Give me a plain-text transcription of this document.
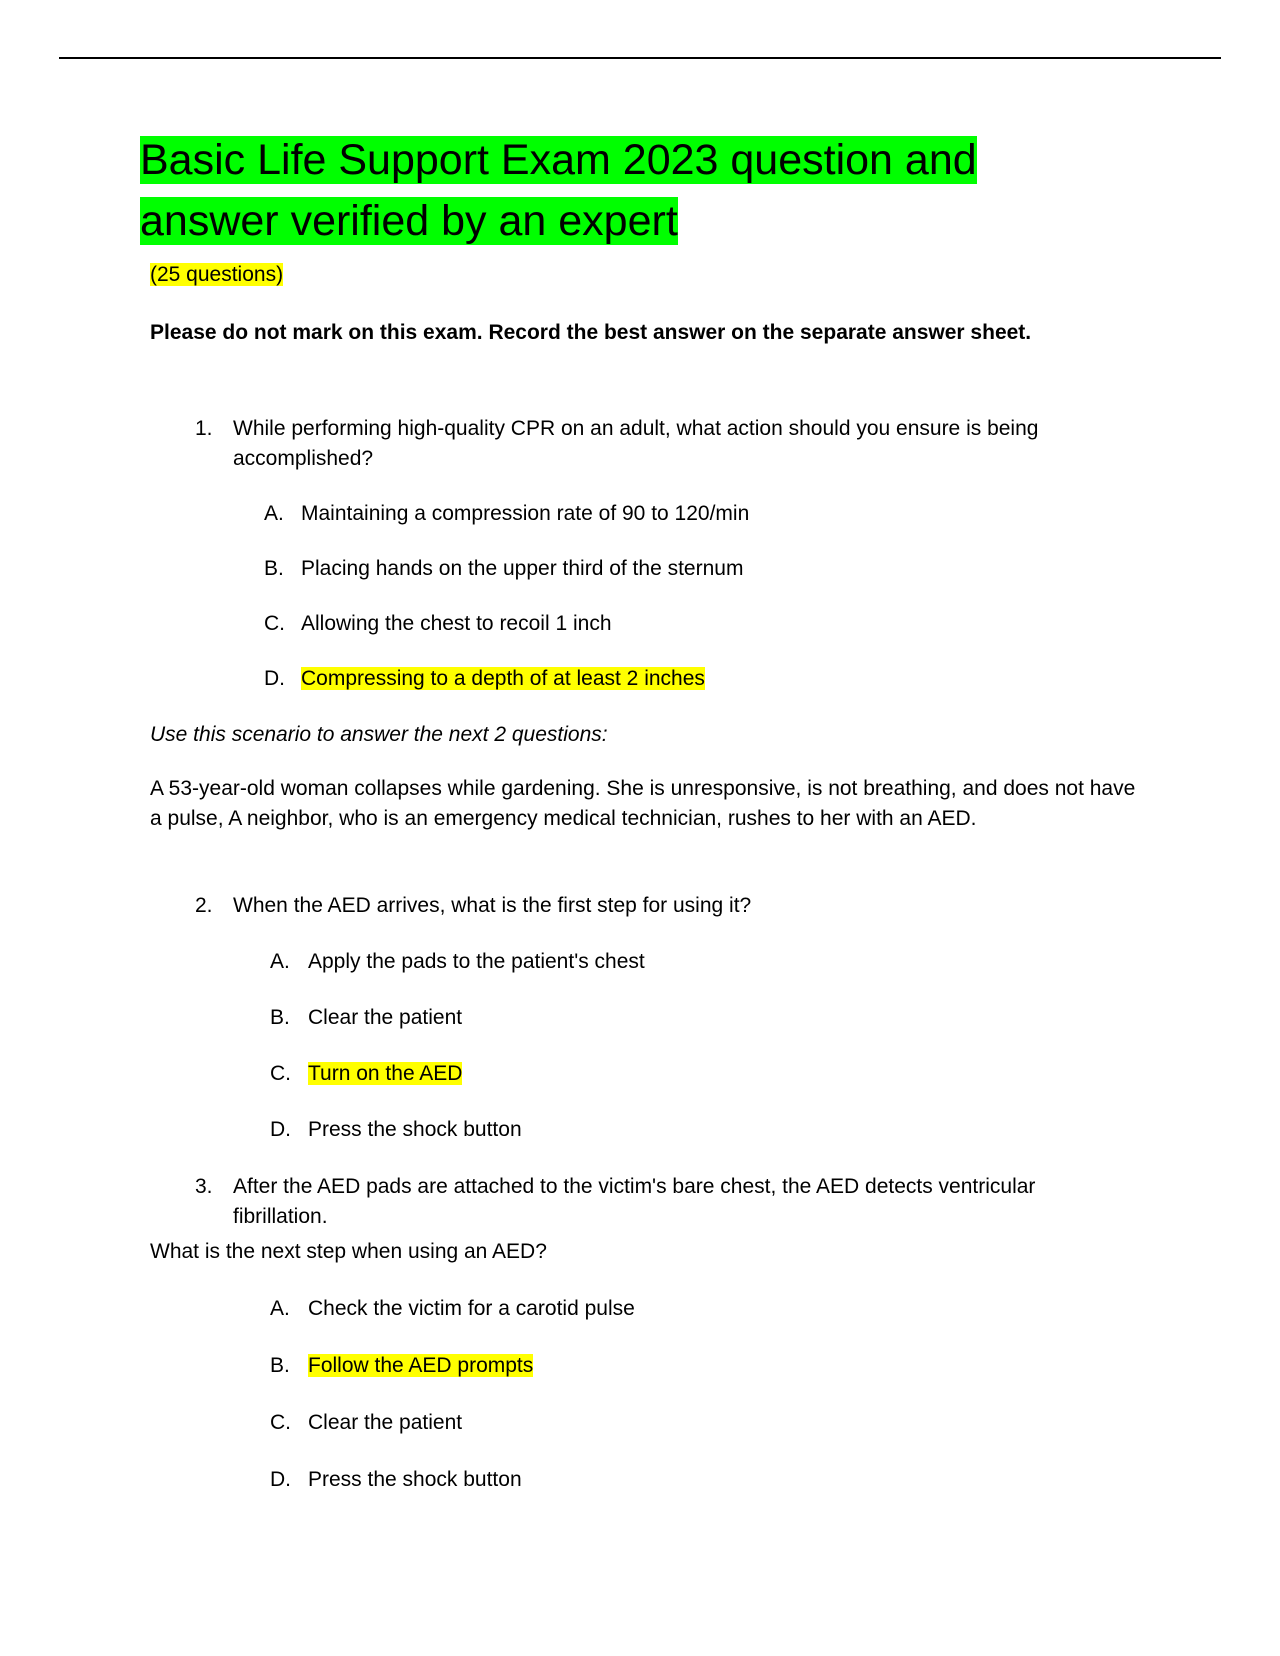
Basic Life Support Exam 2023 question and
answer verified by an expert
(25 questions)
Please do not mark on this exam. Record the best answer on the separate answer sheet.
1. While performing high-quality CPR on an adult, what action should you ensure is being accomplished?
A. Maintaining a compression rate of 90 to 120/min
B. Placing hands on the upper third of the sternum
C. Allowing the chest to recoil 1 inch
D. Compressing to a depth of at least 2 inches
Use this scenario to answer the next 2 questions:
A 53-year-old woman collapses while gardening. She is unresponsive, is not breathing, and does not have a pulse, A neighbor, who is an emergency medical technician, rushes to her with an AED.
2. When the AED arrives, what is the first step for using it?
A. Apply the pads to the patient's chest
B. Clear the patient
C. Turn on the AED
D. Press the shock button
3. After the AED pads are attached to the victim's bare chest, the AED detects ventricular fibrillation.
What is the next step when using an AED?
A. Check the victim for a carotid pulse
B. Follow the AED prompts
C. Clear the patient
D. Press the shock button
